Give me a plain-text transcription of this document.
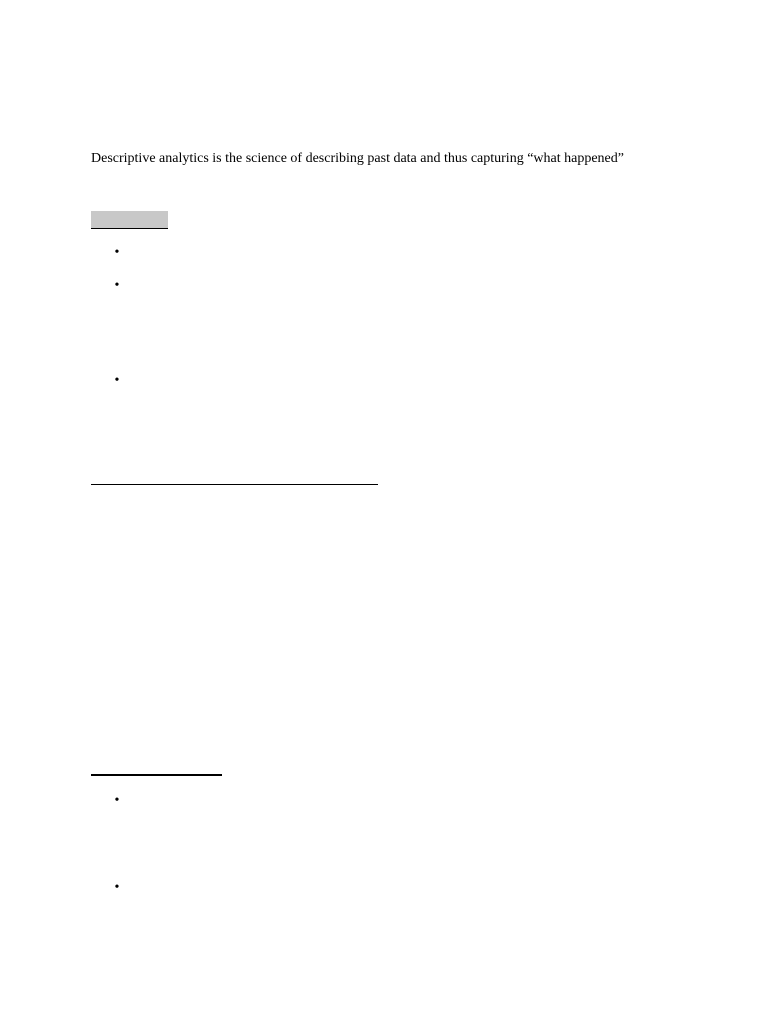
Descriptive analytics is the science of describing past data and thus capturing “what happened”

•
•
•
•
•
